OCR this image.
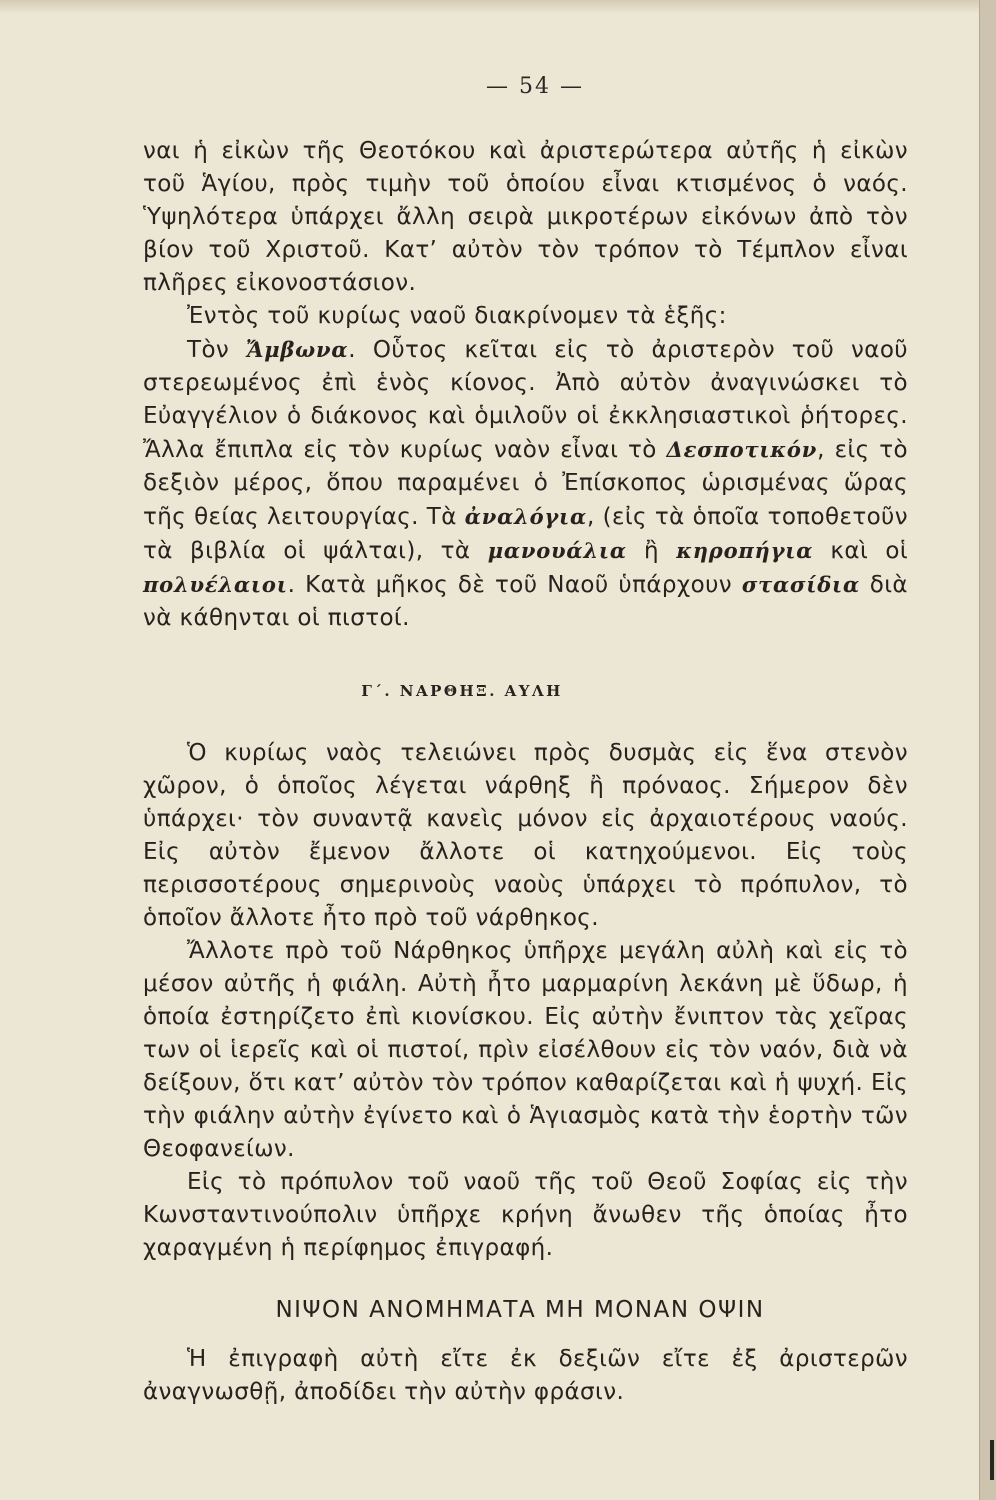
— 54 —

ναι ἡ εἰκὼν τῆς Θεοτόκου καὶ ἀριστερώτερα αὐτῆς ἡ εἰκὼν τοῦ Ἁγίου, πρὸς τιμὴν τοῦ ὁποίου εἶναι κτισμένος ὁ ναός. Ὑψηλότερα ὑπάρχει ἄλλη σειρὰ μικροτέρων εἰκόνων ἀπὸ τὸν βίον τοῦ Χριστοῦ. Κατ’ αὐτὸν τὸν τρόπον τὸ Τέμπλον εἶναι πλῆρες εἰκονοστάσιον.

Ἐντὸς τοῦ κυρίως ναοῦ διακρίνομεν τὰ ἑξῆς:

Τὸν Ἄμβωνα. Οὗτος κεῖται εἰς τὸ ἀριστερὸν τοῦ ναοῦ στερεωμένος ἐπὶ ἑνὸς κίονος. Ἀπὸ αὐτὸν ἀναγινώσκει τὸ Εὐαγγέλιον ὁ διάκονος καὶ ὁμιλοῦν οἱ ἐκκλησιαστικοὶ ῥήτορες. Ἄλλα ἔπιπλα εἰς τὸν κυρίως ναὸν εἶναι τὸ Δεσποτικόν, εἰς τὸ δεξιὸν μέρος, ὅπου παραμένει ὁ Ἐπίσκοπος ὡρισμένας ὥρας τῆς θείας λειτουργίας. Τὰ ἀναλόγια, (εἰς τὰ ὁποῖα τοποθετοῦν τὰ βιβλία οἱ ψάλται), τὰ μανουάλια ἢ κηροπήγια καὶ οἱ πολυέλαιοι. Κατὰ μῆκος δὲ τοῦ Ναοῦ ὑπάρχουν στασίδια διὰ νὰ κάθηνται οἱ πιστοί.

Γ΄. ΝΑΡΘΗΞ. ΑΥΛΗ

Ὁ κυρίως ναὸς τελειώνει πρὸς δυσμὰς εἰς ἕνα στενὸν χῶρον, ὁ ὁποῖος λέγεται νάρθηξ ἢ πρόναος. Σήμερον δὲν ὑπάρχει· τὸν συναντᾷ κανεὶς μόνον εἰς ἀρχαιοτέρους ναούς. Εἰς αὐτὸν ἔμενον ἄλλοτε οἱ κατηχούμενοι. Εἰς τοὺς περισσοτέρους σημερινοὺς ναοὺς ὑπάρχει τὸ πρόπυλον, τὸ ὁποῖον ἄλλοτε ἦτο πρὸ τοῦ νάρθηκος.

Ἄλλοτε πρὸ τοῦ Νάρθηκος ὑπῆρχε μεγάλη αὐλὴ καὶ εἰς τὸ μέσον αὐτῆς ἡ φιάλη. Αὐτὴ ἦτο μαρμαρίνη λεκάνη μὲ ὕδωρ, ἡ ὁποία ἐστηρίζετο ἐπὶ κιονίσκου. Εἰς αὐτὴν ἔνιπτον τὰς χεῖρας των οἱ ἱερεῖς καὶ οἱ πιστοί, πρὶν εἰσέλθουν εἰς τὸν ναόν, διὰ νὰ δείξουν, ὅτι κατ’ αὐτὸν τὸν τρόπον καθαρίζεται καὶ ἡ ψυχή. Εἰς τὴν φιάλην αὐτὴν ἐγίνετο καὶ ὁ Ἁγιασμὸς κατὰ τὴν ἑορτὴν τῶν Θεοφανείων.

Εἰς τὸ πρόπυλον τοῦ ναοῦ τῆς τοῦ Θεοῦ Σοφίας εἰς τὴν Κωνσταντινούπολιν ὑπῆρχε κρήνη ἄνωθεν τῆς ὁποίας ἦτο χαραγμένη ἡ περίφημος ἐπιγραφή.

ΝΙΨΟΝ ΑΝΟΜΗΜΑΤΑ ΜΗ ΜΟΝΑΝ ΟΨΙΝ

Ἡ ἐπιγραφὴ αὐτὴ εἴτε ἐκ δεξιῶν εἴτε ἐξ ἀριστερῶν ἀναγνωσθῇ, ἀποδίδει τὴν αὐτὴν φράσιν.
